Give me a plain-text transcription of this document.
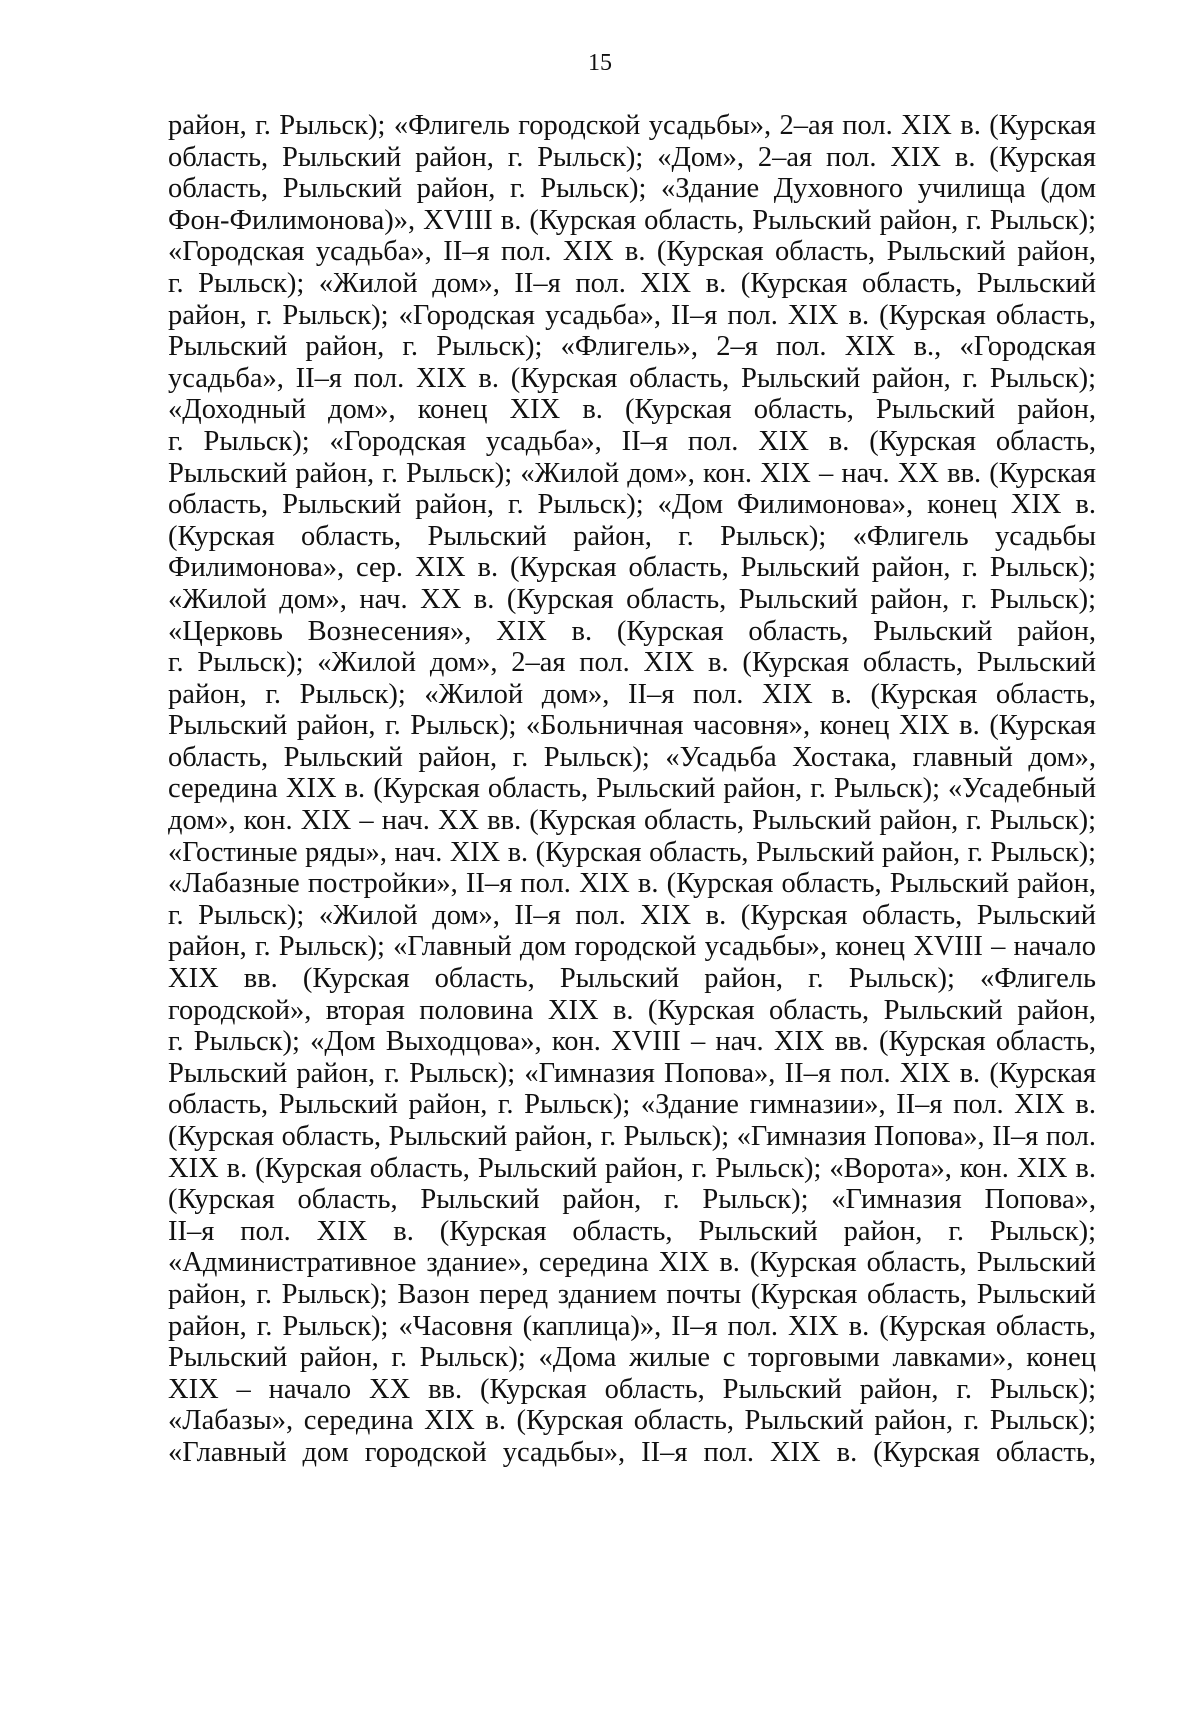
15
район, г. Рыльск); «Флигель городской усадьбы», 2–ая пол. XIX в. (Курская
область, Рыльский район, г. Рыльск); «Дом», 2–ая пол. XIX в. (Курская
область, Рыльский район, г. Рыльск); «Здание Духовного училища (дом
Фон-Филимонова)», XVIII в. (Курская область, Рыльский район, г. Рыльск);
«Городская усадьба», II–я пол. XIX в. (Курская область, Рыльский район,
г. Рыльск); «Жилой дом», II–я пол. XIX в. (Курская область, Рыльский
район, г. Рыльск); «Городская усадьба», II–я пол. XIX в. (Курская область,
Рыльский район, г. Рыльск); «Флигель», 2–я пол. XIX в., «Городская
усадьба», II–я пол. XIX в. (Курская область, Рыльский район, г. Рыльск);
«Доходный дом», конец XIX в. (Курская область, Рыльский район,
г. Рыльск); «Городская усадьба», II–я пол. XIX в. (Курская область,
Рыльский район, г. Рыльск); «Жилой дом», кон. XIX – нач. XX вв. (Курская
область, Рыльский район, г. Рыльск); «Дом Филимонова», конец XIX в.
(Курская область, Рыльский район, г. Рыльск); «Флигель усадьбы
Филимонова», сер. XIX в. (Курская область, Рыльский район, г. Рыльск);
«Жилой дом», нач. XX в. (Курская область, Рыльский район, г. Рыльск);
«Церковь Вознесения», XIX в. (Курская область, Рыльский район,
г. Рыльск); «Жилой дом», 2–ая пол. XIX в. (Курская область, Рыльский
район, г. Рыльск); «Жилой дом», II–я пол. XIX в. (Курская область,
Рыльский район, г. Рыльск); «Больничная часовня», конец XIX в. (Курская
область, Рыльский район, г. Рыльск); «Усадьба Хостака, главный дом»,
середина XIX в. (Курская область, Рыльский район, г. Рыльск); «Усадебный
дом», кон. XIX – нач. XX вв. (Курская область, Рыльский район, г. Рыльск);
«Гостиные ряды», нач. XIX в. (Курская область, Рыльский район, г. Рыльск);
«Лабазные постройки», II–я пол. XIX в. (Курская область, Рыльский район,
г. Рыльск); «Жилой дом», II–я пол. XIX в. (Курская область, Рыльский
район, г. Рыльск); «Главный дом городской усадьбы», конец XVIII – начало
XIX вв. (Курская область, Рыльский район, г. Рыльск); «Флигель
городской», вторая половина XIX в. (Курская область, Рыльский район,
г. Рыльск); «Дом Выходцова», кон. XVIII – нач. XIX вв. (Курская область,
Рыльский район, г. Рыльск); «Гимназия Попова», II–я пол. XIX в. (Курская
область, Рыльский район, г. Рыльск); «Здание гимназии», II–я пол. XIX в.
(Курская область, Рыльский район, г. Рыльск); «Гимназия Попова», II–я пол.
XIX в. (Курская область, Рыльский район, г. Рыльск); «Ворота», кон. XIX в.
(Курская область, Рыльский район, г. Рыльск); «Гимназия Попова»,
II–я пол. XIX в. (Курская область, Рыльский район, г. Рыльск);
«Административное здание», середина XIX в. (Курская область, Рыльский
район, г. Рыльск); Вазон перед зданием почты (Курская область, Рыльский
район, г. Рыльск); «Часовня (каплица)», II–я пол. XIX в. (Курская область,
Рыльский район, г. Рыльск); «Дома жилые с торговыми лавками», конец
XIX – начало XX вв. (Курская область, Рыльский район, г. Рыльск);
«Лабазы», середина XIX в. (Курская область, Рыльский район, г. Рыльск);
«Главный дом городской усадьбы», II–я пол. XIX в. (Курская область,
